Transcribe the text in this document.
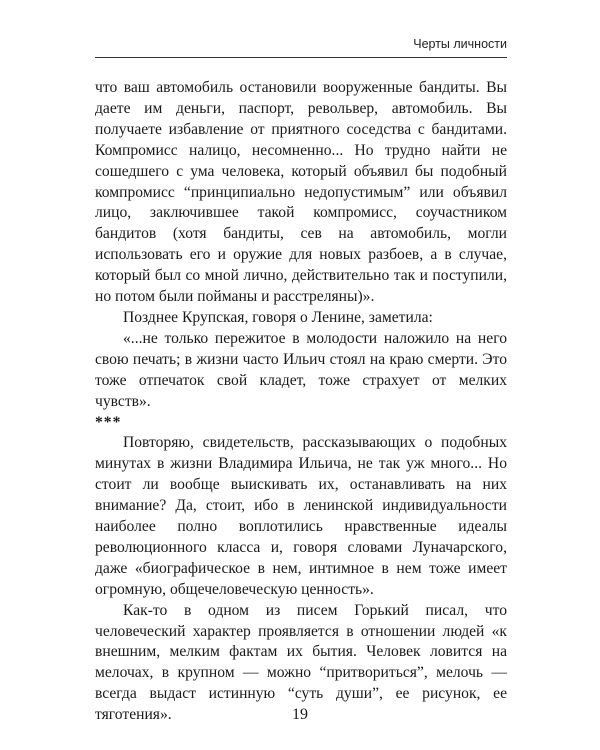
Черты личности

что ваш автомобиль остановили вооруженные бандиты. Вы даете им деньги, паспорт, револьвер, автомобиль. Вы получаете избавление от приятного соседства с бандитами. Компромисс налицо, несомненно... Но трудно найти не сошедшего с ума человека, который объявил бы подобный компромисс “принципиально недопустимым” или объявил лицо, заключившее такой компромисс, соучастником бандитов (хотя бандиты, сев на автомобиль, могли использовать его и оружие для новых разбоев, а в случае, который был со мной лично, действительно так и поступили, но потом были пойманы и расстреляны)».

Позднее Крупская, говоря о Ленине, заметила:

«...не только пережитое в молодости наложило на него свою печать; в жизни часто Ильич стоял на краю смерти. Это тоже отпечаток свой кладет, тоже страхует от мелких чувств».

***

Повторяю, свидетельств, рассказывающих о подобных минутах в жизни Владимира Ильича, не так уж много... Но стоит ли вообще выискивать их, останавливать на них внимание? Да, стоит, ибо в ленинской индивидуальности наиболее полно воплотились нравственные идеалы революционного класса и, говоря словами Луначарского, даже «биографическое в нем, интимное в нем тоже имеет огромную, общечеловеческую ценность».

Как-то в одном из писем Горький писал, что человеческий характер проявляется в отношении людей «к внешним, мелким фактам их бытия. Человек ловится на мелочах, в крупном — можно “притвориться”, мелочь — всегда выдаст истинную “суть души”, ее рисунок, ее тяготения».	19
